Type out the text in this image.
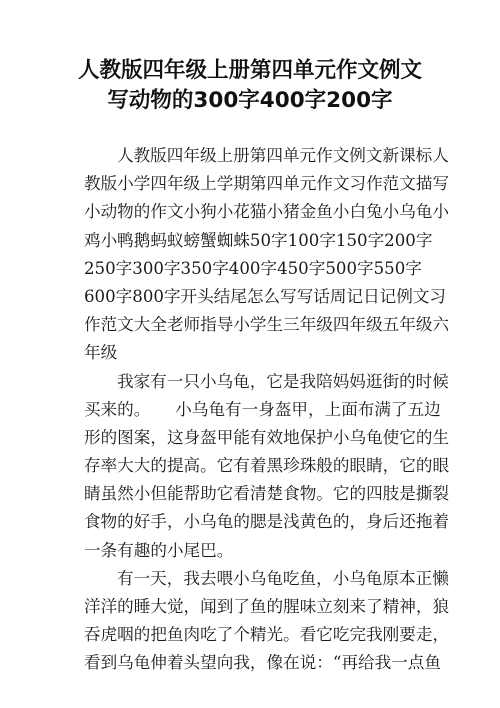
人教版四年级上册第四单元作文例文
写动物的300字400字200字
人教版四年级上册第四单元作文例文新课标人
教版小学四年级上学期第四单元作文习作范文描写
小动物的作文小狗小花猫小猪金鱼小白兔小乌龟小
鸡小鸭鹅蚂蚁螃蟹蜘蛛50字100字150字200字
250字300字350字400字450字500字550字
600字800字开头结尾怎么写写话周记日记例文习
作范文大全老师指导小学生三年级四年级五年级六
年级
我家有一只小乌龟，它是我陪妈妈逛街的时候
买来的。　　小乌龟有一身盔甲，上面布满了五边
形的图案，这身盔甲能有效地保护小乌龟使它的生
存率大大的提高。它有着黑珍珠般的眼睛，它的眼
睛虽然小但能帮助它看清楚食物。它的四肢是撕裂
食物的好手，小乌龟的腮是浅黄色的，身后还拖着
一条有趣的小尾巴。
有一天，我去喂小乌龟吃鱼，小乌龟原本正懒
洋洋的睡大觉，闻到了鱼的腥味立刻来了精神，狼
吞虎咽的把鱼肉吃了个精光。看它吃完我刚要走，
看到乌龟伸着头望向我，像在说：“再给我一点鱼
